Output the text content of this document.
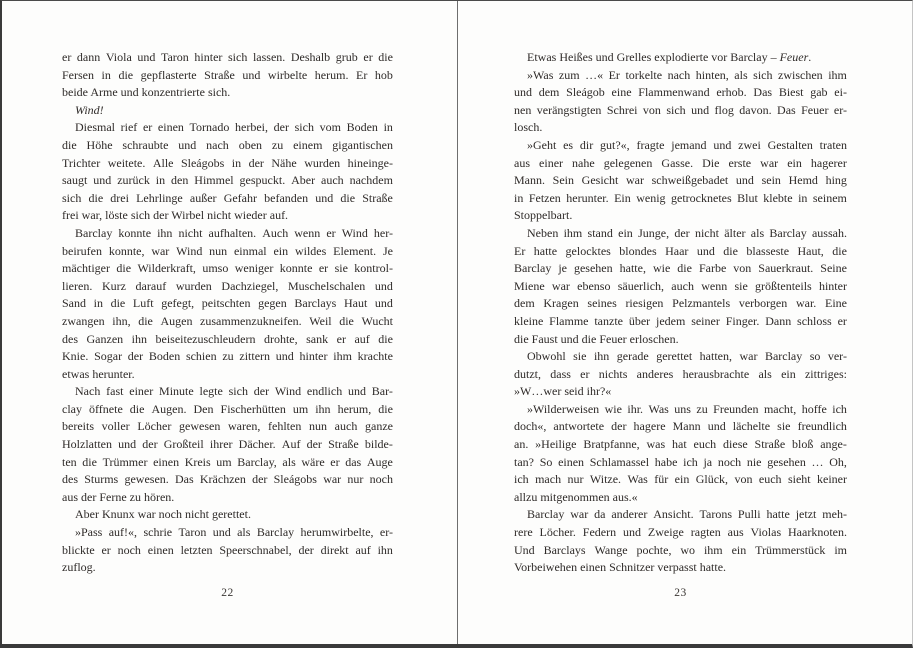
er dann Viola und Taron hinter sich lassen. Deshalb grub er die
Fersen in die gepflasterte Straße und wirbelte herum. Er hob
beide Arme und konzentrierte sich.
Wind!
Diesmal rief er einen Tornado herbei, der sich vom Boden in
die Höhe schraubte und nach oben zu einem gigantischen
Trichter weitete. Alle Sleágobs in der Nähe wurden hineinge-
saugt und zurück in den Himmel gespuckt. Aber auch nachdem
sich die drei Lehrlinge außer Gefahr befanden und die Straße
frei war, löste sich der Wirbel nicht wieder auf.
Barclay konnte ihn nicht aufhalten. Auch wenn er Wind her-
beirufen konnte, war Wind nun einmal ein wildes Element. Je
mächtiger die Wilderkraft, umso weniger konnte er sie kontrol-
lieren. Kurz darauf wurden Dachziegel, Muschelschalen und
Sand in die Luft gefegt, peitschten gegen Barclays Haut und
zwangen ihn, die Augen zusammenzukneifen. Weil die Wucht
des Ganzen ihn beiseitezuschleudern drohte, sank er auf die
Knie. Sogar der Boden schien zu zittern und hinter ihm krachte
etwas herunter.
Nach fast einer Minute legte sich der Wind endlich und Bar-
clay öffnete die Augen. Den Fischerhütten um ihn herum, die
bereits voller Löcher gewesen waren, fehlten nun auch ganze
Holzlatten und der Großteil ihrer Dächer. Auf der Straße bilde-
ten die Trümmer einen Kreis um Barclay, als wäre er das Auge
des Sturms gewesen. Das Krächzen der Sleágobs war nur noch
aus der Ferne zu hören.
Aber Knunx war noch nicht gerettet.
»Pass auf!«, schrie Taron und als Barclay herumwirbelte, er-
blickte er noch einen letzten Speerschnabel, der direkt auf ihn
zuflog.
Etwas Heißes und Grelles explodierte vor Barclay – Feuer.
»Was zum …« Er torkelte nach hinten, als sich zwischen ihm
und dem Sleágob eine Flammenwand erhob. Das Biest gab ei-
nen verängstigten Schrei von sich und flog davon. Das Feuer er-
losch.
»Geht es dir gut?«, fragte jemand und zwei Gestalten traten
aus einer nahe gelegenen Gasse. Die erste war ein hagerer
Mann. Sein Gesicht war schweißgebadet und sein Hemd hing
in Fetzen herunter. Ein wenig getrocknetes Blut klebte in seinem
Stoppelbart.
Neben ihm stand ein Junge, der nicht älter als Barclay aussah.
Er hatte gelocktes blondes Haar und die blasseste Haut, die
Barclay je gesehen hatte, wie die Farbe von Sauerkraut. Seine
Miene war ebenso säuerlich, auch wenn sie größtenteils hinter
dem Kragen seines riesigen Pelzmantels verborgen war. Eine
kleine Flamme tanzte über jedem seiner Finger. Dann schloss er
die Faust und die Feuer erloschen.
Obwohl sie ihn gerade gerettet hatten, war Barclay so ver-
dutzt, dass er nichts anderes herausbrachte als ein zittriges:
»W…wer seid ihr?«
»Wilderweisen wie ihr. Was uns zu Freunden macht, hoffe ich
doch«, antwortete der hagere Mann und lächelte sie freundlich
an. »Heilige Bratpfanne, was hat euch diese Straße bloß ange-
tan? So einen Schlamassel habe ich ja noch nie gesehen … Oh,
ich mach nur Witze. Was für ein Glück, von euch sieht keiner
allzu mitgenommen aus.«
Barclay war da anderer Ansicht. Tarons Pulli hatte jetzt meh-
rere Löcher. Federn und Zweige ragten aus Violas Haarknoten.
Und Barclays Wange pochte, wo ihm ein Trümmerstück im
Vorbeiwehen einen Schnitzer verpasst hatte.
22	23
